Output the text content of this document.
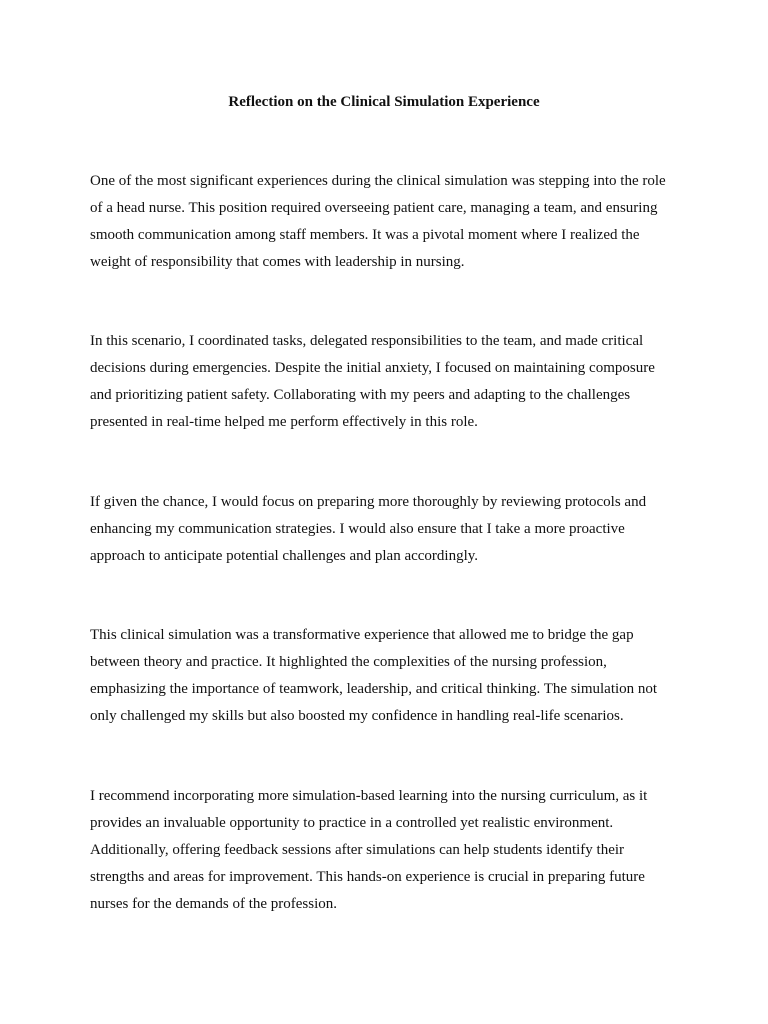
Reflection on the Clinical Simulation Experience

One of the most significant experiences during the clinical simulation was stepping into the role
of a head nurse. This position required overseeing patient care, managing a team, and ensuring
smooth communication among staff members. It was a pivotal moment where I realized the
weight of responsibility that comes with leadership in nursing.

In this scenario, I coordinated tasks, delegated responsibilities to the team, and made critical
decisions during emergencies. Despite the initial anxiety, I focused on maintaining composure
and prioritizing patient safety. Collaborating with my peers and adapting to the challenges
presented in real-time helped me perform effectively in this role.

If given the chance, I would focus on preparing more thoroughly by reviewing protocols and
enhancing my communication strategies. I would also ensure that I take a more proactive
approach to anticipate potential challenges and plan accordingly.

This clinical simulation was a transformative experience that allowed me to bridge the gap
between theory and practice. It highlighted the complexities of the nursing profession,
emphasizing the importance of teamwork, leadership, and critical thinking. The simulation not
only challenged my skills but also boosted my confidence in handling real-life scenarios.

I recommend incorporating more simulation-based learning into the nursing curriculum, as it
provides an invaluable opportunity to practice in a controlled yet realistic environment.
Additionally, offering feedback sessions after simulations can help students identify their
strengths and areas for improvement. This hands-on experience is crucial in preparing future
nurses for the demands of the profession.
